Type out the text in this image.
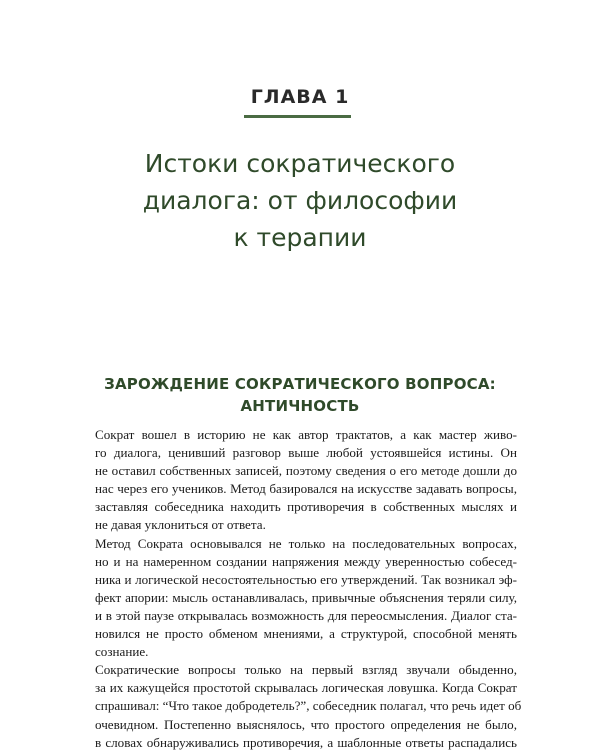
ГЛАВА 1
Истоки сократического
диалога: от философии
к терапии
ЗАРОЖДЕНИЕ СОКРАТИЧЕСКОГО ВОПРОСА:
АНТИЧНОСТЬ

Сократ вошел в историю не как автор трактатов, а как мастер живо-
го диалога, ценивший разговор выше любой устоявшейся истины. Он
не оставил собственных записей, поэтому сведения о его методе дошли до
нас через его учеников. Метод базировался на искусстве задавать вопросы,
заставляя собеседника находить противоречия в собственных мыслях и
не давая уклониться от ответа.

Метод Сократа основывался не только на последовательных вопросах,
но и на намеренном создании напряжения между уверенностью собесед-
ника и логической несостоятельностью его утверждений. Так возникал эф-
фект апории: мысль останавливалась, привычные объяснения теряли силу,
и в этой паузе открывалась возможность для переосмысления. Диалог ста-
новился не просто обменом мнениями, а структурой, способной менять
сознание.

Сократические вопросы только на первый взгляд звучали обыденно,
за их кажущейся простотой скрывалась логическая ловушка. Когда Сократ
спрашивал: “Что такое добродетель?”, собеседник полагал, что речь идет об
очевидном. Постепенно выяснялось, что простого определения не было,
в словах обнаруживались противоречия, а шаблонные ответы распадались
